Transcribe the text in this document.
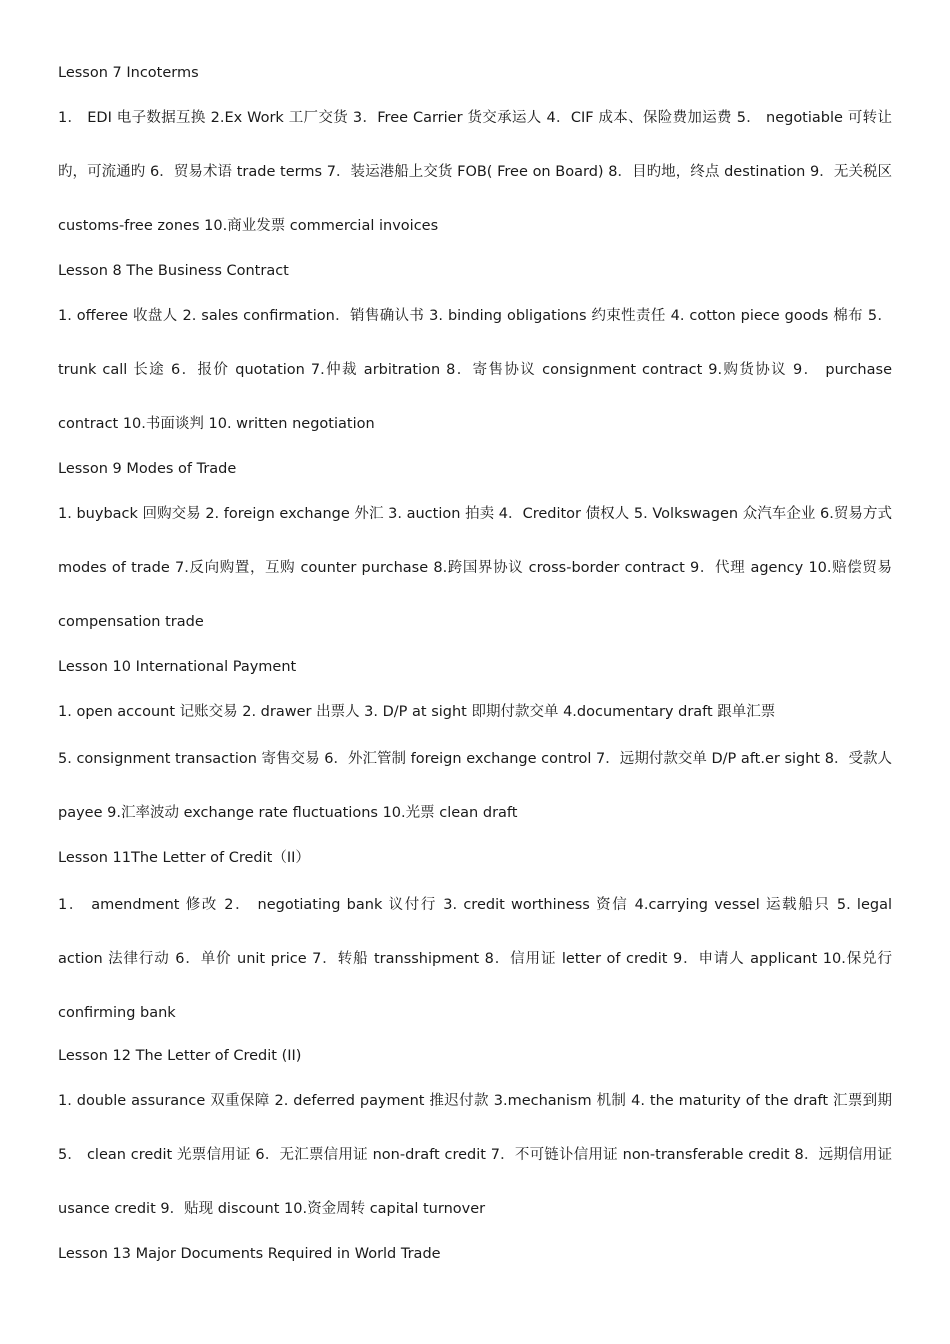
Lesson 7 Incoterms

1． EDI 电子数据互换 2.Ex Work 工厂交货 3．Free Carrier 货交承运人 4．CIF 成本、保险费加运费 5． negotiable 可转让旳，可流通旳 6．贸易术语 trade terms 7．装运港船上交货 FOB( Free on Board) 8．目旳地，终点 destination 9．无关税区 customs-free zones 10.商业发票 commercial invoices

Lesson 8 The Business Contract

1. offeree 收盘人 2. sales confirmation．销售确认书 3. binding obligations 约束性责任 4. cotton piece goods 棉布 5．trunk call 长途 6．报价 quotation 7.仲裁 arbitration 8．寄售协议 consignment contract 9.购货协议 9． purchase contract 10.书面谈判 10. written negotiation

Lesson 9 Modes of Trade

1. buyback 回购交易 2. foreign exchange 外汇 3. auction 拍卖 4．Creditor 债权人 5. Volkswagen 众汽车企业 6.贸易方式 modes of trade 7.反向购置，互购 counter purchase 8.跨国界协议 cross-border contract 9．代理 agency 10.赔偿贸易 compensation trade

Lesson 10 International Payment
1. open account 记账交易 2. drawer 出票人 3. D/P at sight 即期付款交单 4.documentary draft 跟单汇票

5. consignment transaction 寄售交易 6．外汇管制 foreign exchange control 7．远期付款交单 D/P aft.er sight 8．受款人 payee 9.汇率波动 exchange rate fluctuations 10.光票 clean draft

Lesson 11The Letter of Credit（II）

1． amendment 修改 2． negotiating bank 议付行 3. credit worthiness 资信 4.carrying vessel 运载船只 5. legal action 法律行动 6．单价 unit price 7．转船 transshipment 8．信用证 letter of credit 9．申请人 applicant 10.保兑行 confirming bank

Lesson 12 The Letter of Credit (II)

1. double assurance 双重保障 2. deferred payment 推迟付款 3.mechanism 机制 4. the maturity of the draft 汇票到期 5． clean credit 光票信用证 6．无汇票信用证 non-draft credit 7．不可链讣信用证 non-transferable credit 8．远期信用证 usance credit 9．贴现 discount 10.资金周转 capital turnover

Lesson 13 Major Documents Required in World Trade
